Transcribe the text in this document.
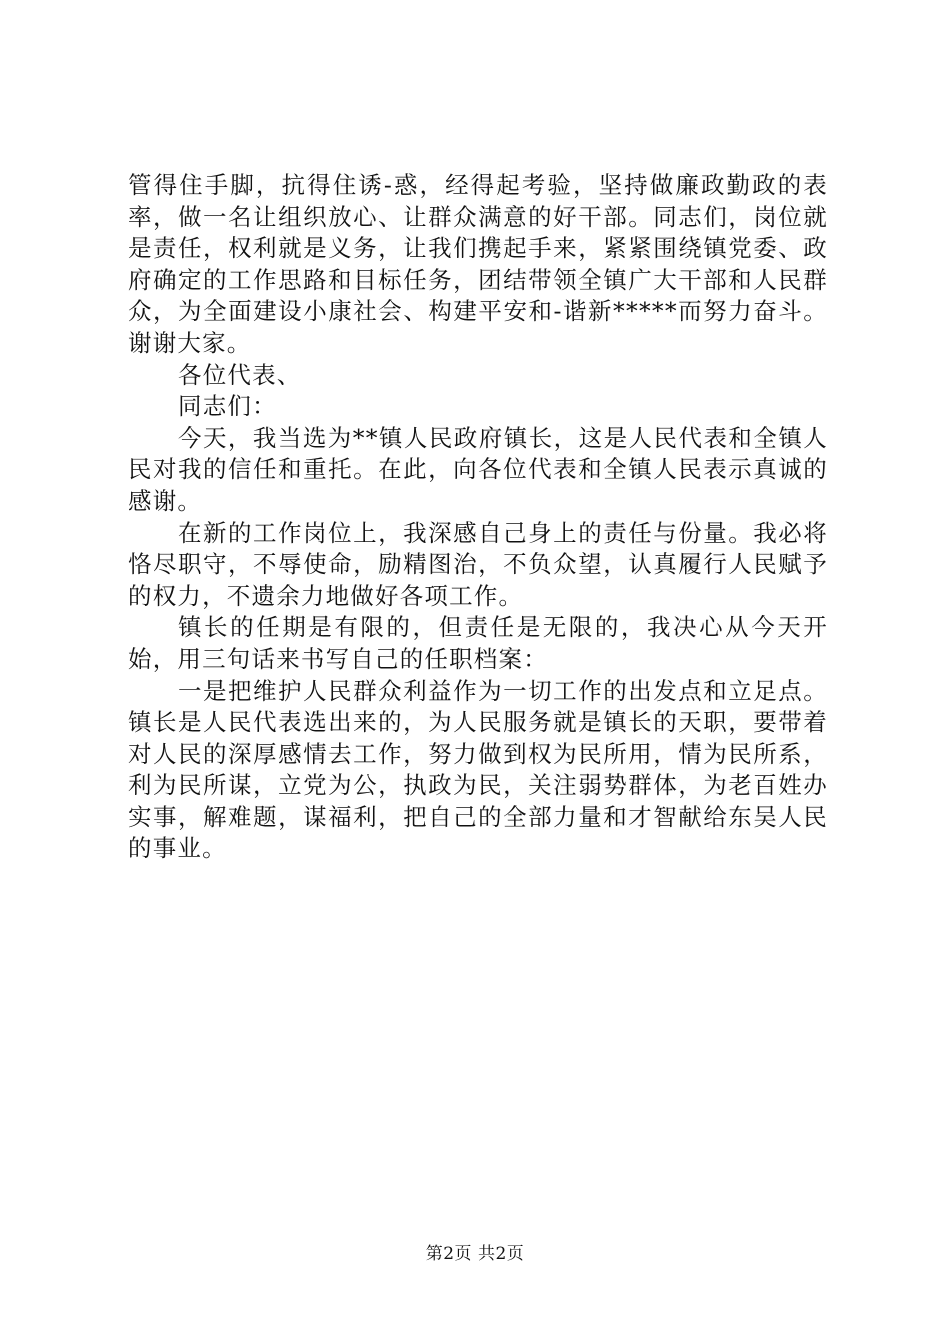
管得住手脚，抗得住诱-惑，经得起考验，坚持做廉政勤政的表率，做一名让组织放心、让群众满意的好干部。同志们，岗位就是责任，权利就是义务，让我们携起手来，紧紧围绕镇党委、政府确定的工作思路和目标任务，团结带领全镇广大干部和人民群众，为全面建设小康社会、构建平安和-谐新*****而努力奋斗。谢谢大家。

各位代表、

同志们：

今天，我当选为**镇人民政府镇长，这是人民代表和全镇人民对我的信任和重托。在此，向各位代表和全镇人民表示真诚的感谢。

在新的工作岗位上，我深感自己身上的责任与份量。我必将恪尽职守，不辱使命，励精图治，不负众望，认真履行人民赋予的权力，不遗余力地做好各项工作。

镇长的任期是有限的，但责任是无限的，我决心从今天开始，用三句话来书写自己的任职档案：

一是把维护人民群众利益作为一切工作的出发点和立足点。镇长是人民代表选出来的，为人民服务就是镇长的天职，要带着对人民的深厚感情去工作，努力做到权为民所用，情为民所系，利为民所谋，立党为公，执政为民，关注弱势群体，为老百姓办实事，解难题，谋福利，把自己的全部力量和才智献给东吴人民的事业。

第2页 共2页
